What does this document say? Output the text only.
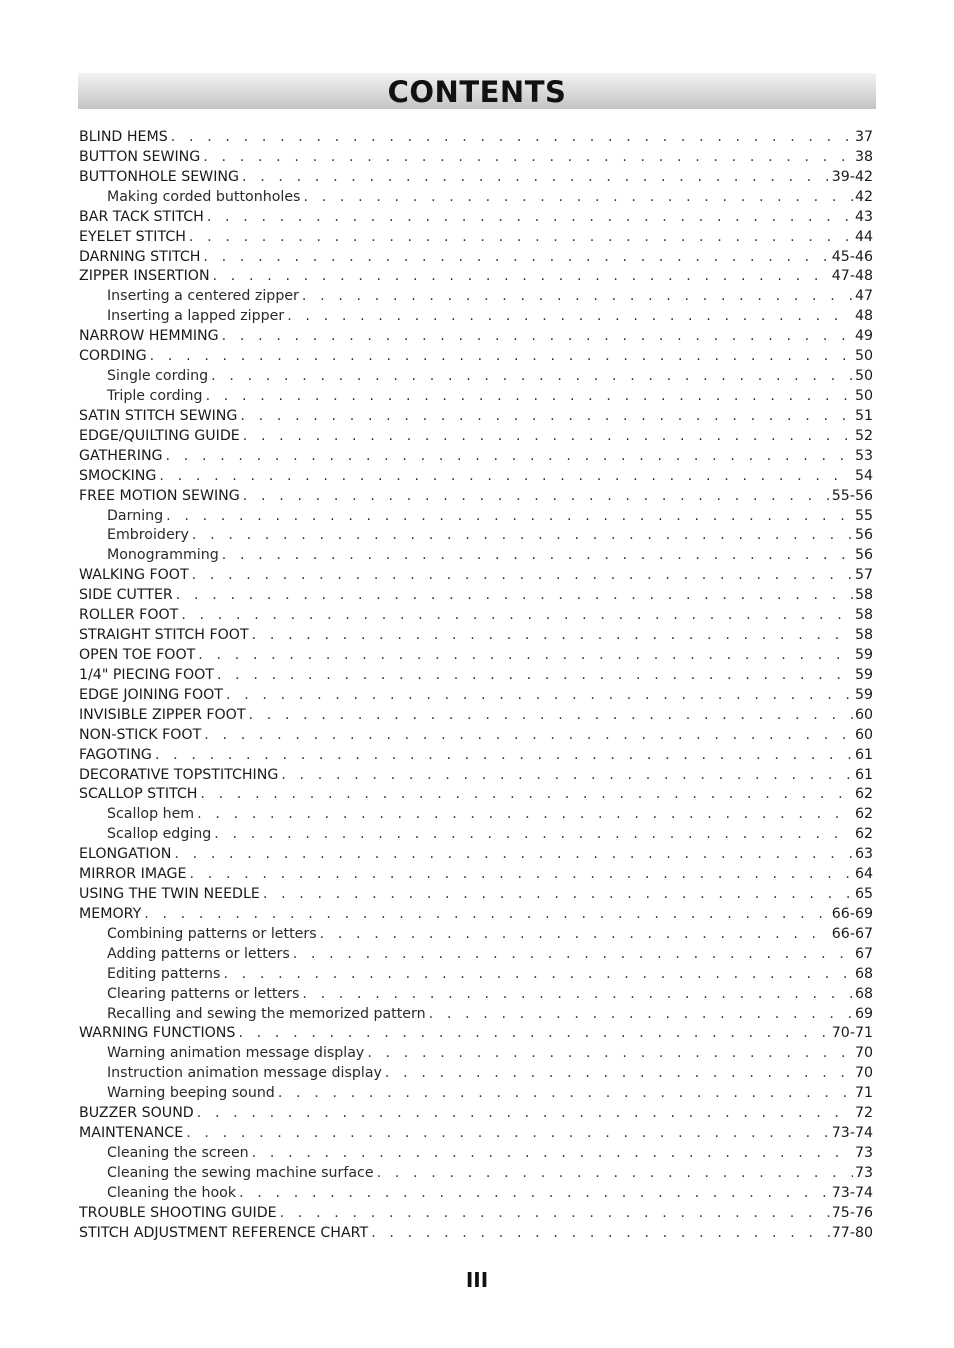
CONTENTS
BLIND HEMS . . .	37
BUTTON SEWING . . .	38
BUTTONHOLE SEWING . . .	39-42
Making corded buttonholes . . .	42
BAR TACK STITCH . . .	43
EYELET STITCH . . .	44
DARNING STITCH . . .	45-46
ZIPPER INSERTION . . .	47-48
Inserting a centered zipper . . .	47
Inserting a lapped zipper . . .	48
NARROW HEMMING . . .	49
CORDING . . .	50
Single cording . . .	50
Triple cording . . .	50
SATIN STITCH SEWING . . .	51
EDGE/QUILTING GUIDE . . .	52
GATHERING . . .	53
SMOCKING . . .	54
FREE MOTION SEWING . . .	55-56
Darning . . .	55
Embroidery . . .	56
Monogramming . . .	56
WALKING FOOT . . .	57
SIDE CUTTER . . .	58
ROLLER FOOT . . .	58
STRAIGHT STITCH FOOT . . .	58
OPEN TOE FOOT . . .	59
1/4" PIECING FOOT . . .	59
EDGE JOINING FOOT . . .	59
INVISIBLE ZIPPER FOOT . . .	60
NON-STICK FOOT . . .	60
FAGOTING . . .	61
DECORATIVE TOPSTITCHING . . .	61
SCALLOP STITCH . . .	62
Scallop hem . . .	62
Scallop edging . . .	62
ELONGATION . . .	63
MIRROR IMAGE . . .	64
USING THE TWIN NEEDLE . . .	65
MEMORY . . .	66-69
Combining patterns or letters . . .	66-67
Adding patterns or letters . . .	67
Editing patterns . . .	68
Clearing patterns or letters . . .	68
Recalling and sewing the memorized pattern . . .	69
WARNING FUNCTIONS . . .	70-71
Warning animation message display . . .	70
Instruction animation message display . . .	70
Warning beeping sound . . .	71
BUZZER SOUND . . .	72
MAINTENANCE . . .	73-74
Cleaning the screen . . .	73
Cleaning the sewing machine surface . . .	73
Cleaning the hook . . .	73-74
TROUBLE SHOOTING GUIDE . . .	75-76
STITCH ADJUSTMENT REFERENCE CHART . . .	77-80
III
